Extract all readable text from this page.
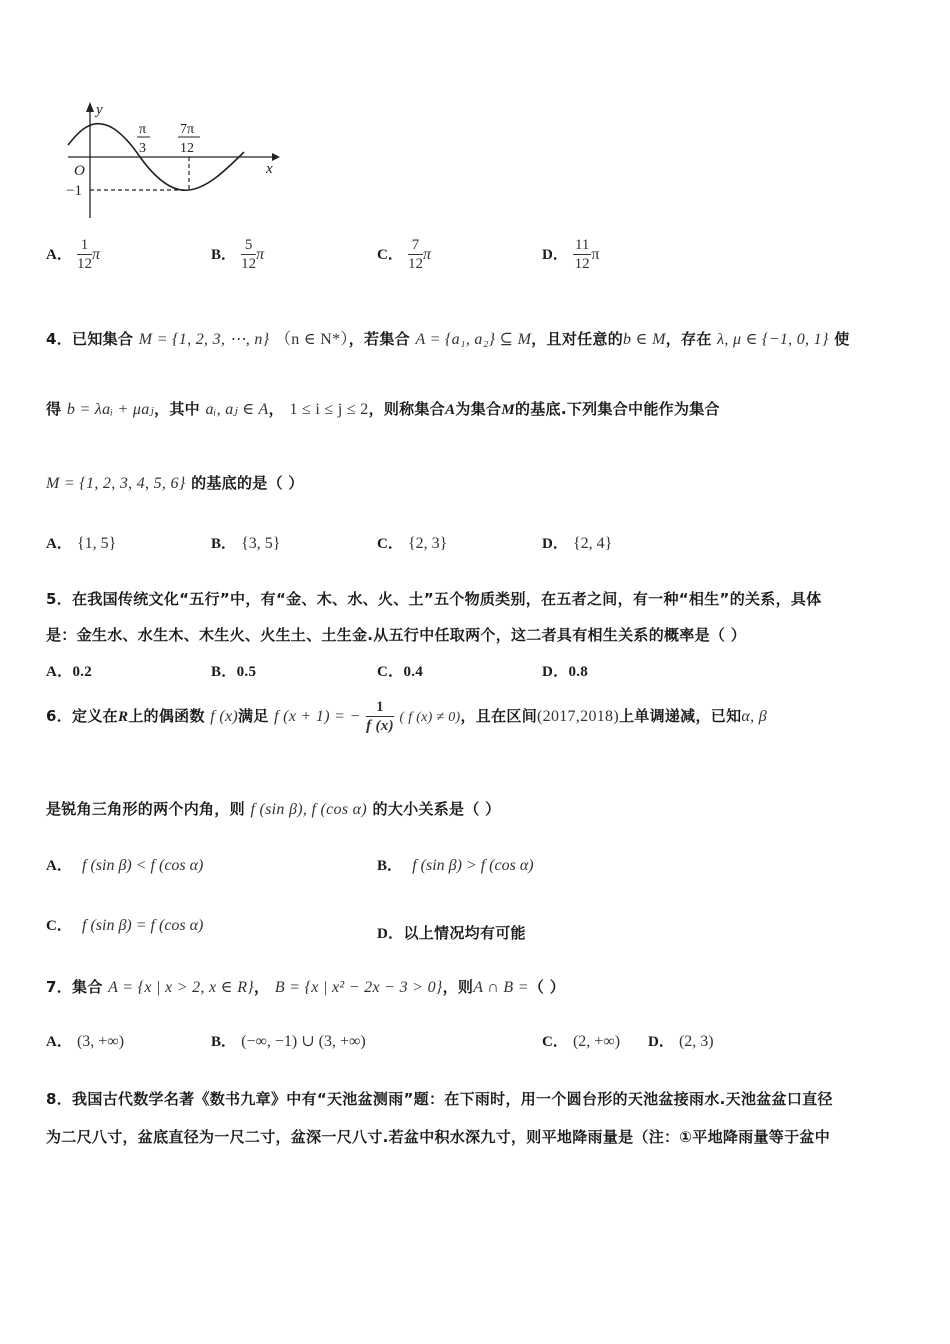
y
x
O
−1
π
3
7π
12
A． $\frac{1}{12}$ π	B． $\frac{5}{12}$ π	C． $\frac{7}{12}$ π	D． $\frac{11}{12}$ π
4．已知集合 M = {1, 2, 3, ⋯, n} （n ∈ N*），若集合 A = {a₁, a₂} ⊆ M，且对任意的b ∈ M，存在 λ, μ ∈ {−1, 0, 1} 使
得 b = λaᵢ + μaⱼ，其中 aᵢ, aⱼ ∈ A， 1 ≤ i ≤ j ≤ 2，则称集合A为集合M的基底.下列集合中能作为集合
M = {1, 2, 3, 4, 5, 6} 的基底的是（ ）
A． {1, 5}	B． {3, 5}	C． {2, 3}	D． {2, 4}
5．在我国传统文化“五行”中，有“金、木、水、火、土”五个物质类别，在五者之间，有一种“相生”的关系，具体
是：金生水、水生木、木生火、火生土、土生金.从五行中任取两个，这二者具有相生关系的概率是（ ）
A．0.2	B．0.5	C．0.4	D．0.8
6．定义在R上的偶函数 f (x)满足 f (x + 1) = − $\frac{1}{f (x)}$ ( f (x) ≠ 0)，且在区间(2017,2018)上单调递减，已知α, β
是锐角三角形的两个内角，则 f (sin β), f (cos α) 的大小关系是（ ）
A． f (sin β) < f (cos α)	B． f (sin β) > f (cos α)
C． f (sin β) = f (cos α)	D．以上情况均有可能
7．集合 A = {x | x > 2, x ∈ R}， B = {x | x² − 2x − 3 > 0}，则A ∩ B =（ ）
A． (3, +∞)	B． (−∞, −1) ∪ (3, +∞)	C． (2, +∞) D． (2, 3)
8．我国古代数学名著《数书九章》中有“天池盆测雨”题：在下雨时，用一个圆台形的天池盆接雨水.天池盆盆口直径
为二尺八寸，盆底直径为一尺二寸，盆深一尺八寸.若盆中积水深九寸，则平地降雨量是（注：①平地降雨量等于盆中
